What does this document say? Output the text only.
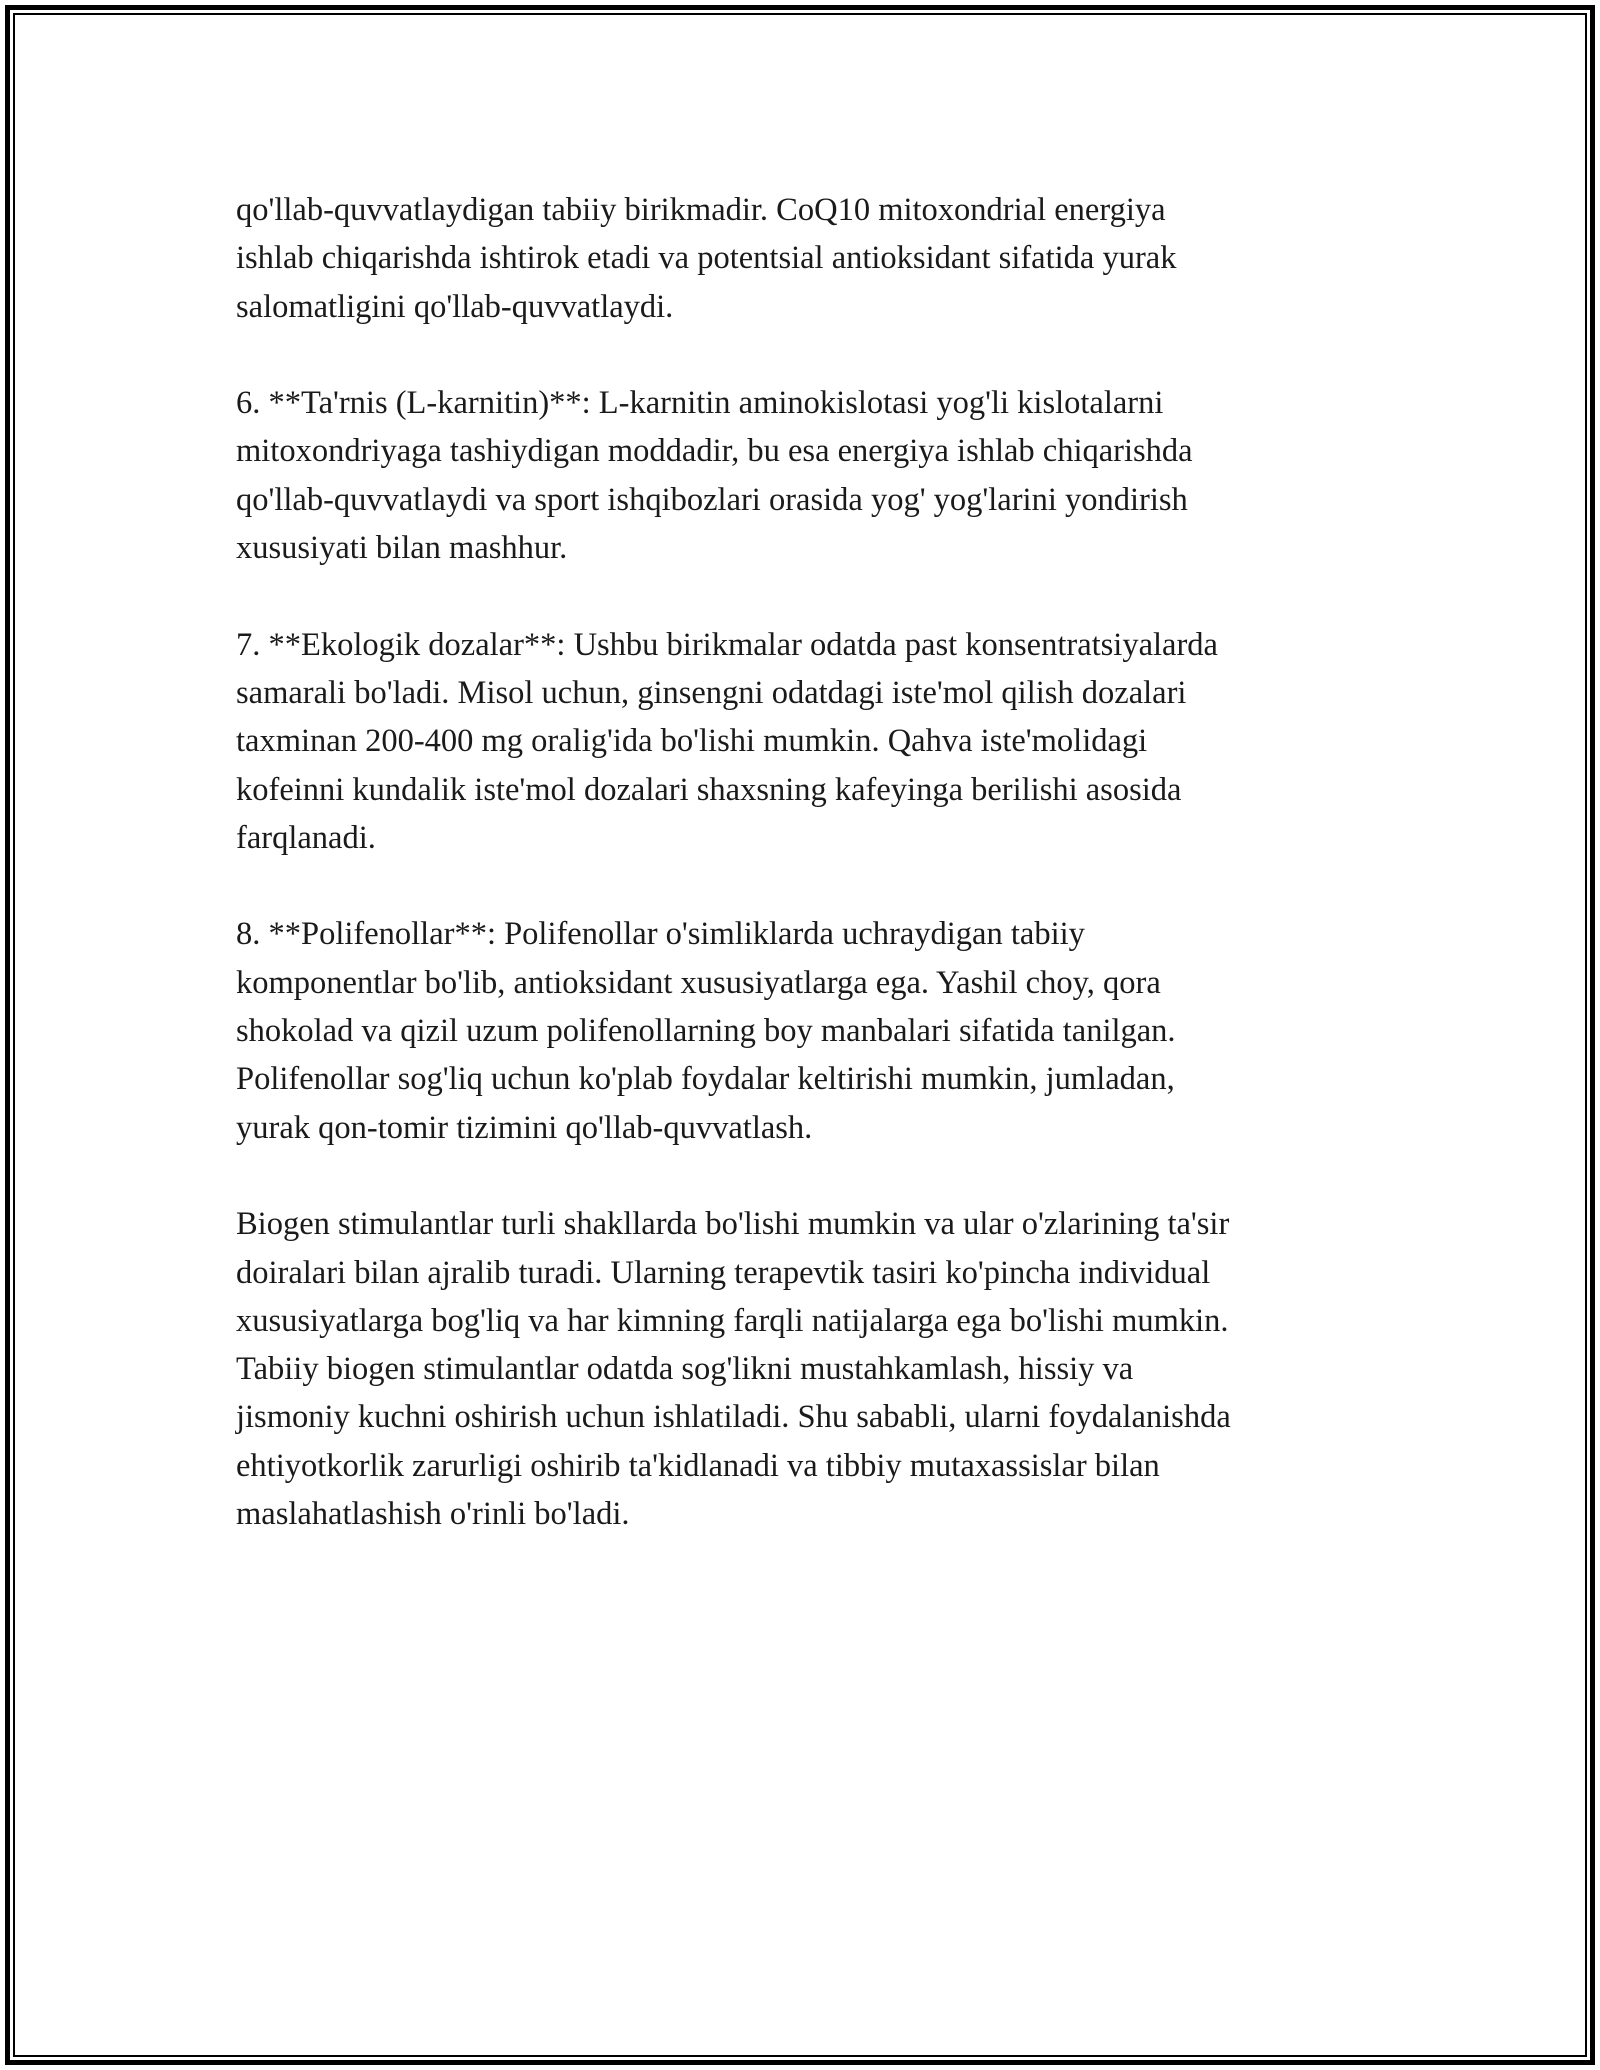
qo'llab-quvvatlaydigan tabiiy birikmadir. CoQ10 mitoxondrial energiya
ishlab chiqarishda ishtirok etadi va potentsial antioksidant sifatida yurak
salomatligini qo'llab-quvvatlaydi.

6. **Ta'rnis (L-karnitin)**: L-karnitin aminokislotasi yog'li kislotalarni
mitoxondriyaga tashiydigan moddadir, bu esa energiya ishlab chiqarishda
qo'llab-quvvatlaydi va sport ishqibozlari orasida yog' yog'larini yondirish
xususiyati bilan mashhur.

7. **Ekologik dozalar**: Ushbu birikmalar odatda past konsentratsiyalarda
samarali bo'ladi. Misol uchun, ginsengni odatdagi iste'mol qilish dozalari
taxminan 200-400 mg oralig'ida bo'lishi mumkin. Qahva iste'molidagi
kofeinni kundalik iste'mol dozalari shaxsning kafeyinga berilishi asosida
farqlanadi.

8. **Polifenollar**: Polifenollar o'simliklarda uchraydigan tabiiy
komponentlar bo'lib, antioksidant xususiyatlarga ega. Yashil choy, qora
shokolad va qizil uzum polifenollarning boy manbalari sifatida tanilgan.
Polifenollar sog'liq uchun ko'plab foydalar keltirishi mumkin, jumladan,
yurak qon-tomir tizimini qo'llab-quvvatlash.

Biogen stimulantlar turli shakllarda bo'lishi mumkin va ular o'zlarining ta'sir
doiralari bilan ajralib turadi. Ularning terapevtik tasiri ko'pincha individual
xususiyatlarga bog'liq va har kimning farqli natijalarga ega bo'lishi mumkin.
Tabiiy biogen stimulantlar odatda sog'likni mustahkamlash, hissiy va
jismoniy kuchni oshirish uchun ishlatiladi. Shu sababli, ularni foydalanishda
ehtiyotkorlik zarurligi oshirib ta'kidlanadi va tibbiy mutaxassislar bilan
maslahatlashish o'rinli bo'ladi.
